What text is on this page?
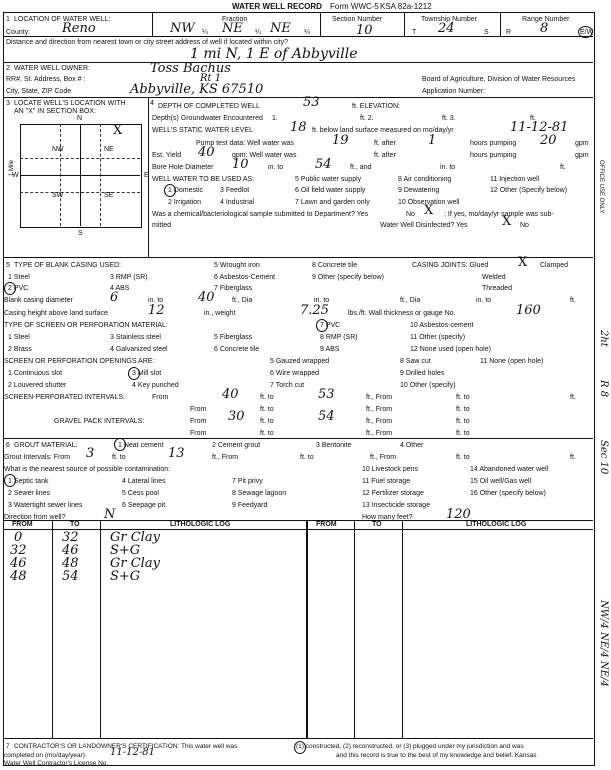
WATER WELL RECORD Form WWC-5 KSA 82a-1212
1 LOCATION OF WATER WELL:	Fraction	Section Number	Township Number	Range Number
County: Reno	NW ¼ NE ¼ NE ¼	10	T 24	S R 8	E/W
Distance and direction from nearest town or city street address of well if located within city?
1 mi N, 1 E of Abbyville
2 WATER WELL OWNER:	Toss Bachus
RR#, St. Address, Box # :	Rt 1	Board of Agriculture, Division of Water Resources
City, State, ZIP Code	Abbyville, KS 67510	Application Number:
3 LOCATE WELL'S LOCATION WITH
AN "X" IN SECTION BOX:
N
S
W	E
NW	NE
SW	SE
X
1 Mile
4 DEPTH OF COMPLETED WELL	53	ft. ELEVATION:
Depth(s) Groundwater Encountered 1.	ft. 2.	ft. 3.	ft.
WELL'S STATIC WATER LEVEL	18 ft. below land surface measured on mo/day/yr	11-12-81
Pump test data: Well water was	19	ft. after 1	hours pumping 20	gpm
Est. Yield 40 gpm: Well water was	ft. after	hours pumping	gpm
Bore Hole Diameter 10	in. to 54	ft., and	in. to	ft.
WELL WATER TO BE USED AS:
1 Domestic
2 Irrigation
3 Feedlot
4 Industrial
5 Public water supply
6 Oil field water supply
7 Lawn and garden only
8 Air conditioning
9 Dewatering
10 Observation well
11 Injection well
12 Other (Specify below)
Was a chemical/bacteriological sample submitted to Department? Yes	No X ; If yes, mo/day/yr sample was sub-
mitted	Water Well Disinfected? Yes	No
X
5 TYPE OF BLANK CASING USED:
1 Steel
2 PVC
3 RMP (SR)
4 ABS
5 Wrought iron
6 Asbestos-Cement
7 Fiberglass
8 Concrete tile
9 Other (specify below)
CASING JOINTS: Glued X Clamped
Welded
Threaded
Blank casing diameter	6	in. to	40 ft., Dia	in. to	ft., Dia	in. to	ft.
Casing height above land surface	12	in., weight	7.25	lbs./ft. Wall thickness or gauge No.	160
TYPE OF SCREEN OR PERFORATION MATERIAL:
1 Steel
2 Brass
3 Stainless steel
4 Galvanized steel
5 Fiberglass
6 Concrete tile
7 PVC
8 RMP (SR)
9 ABS
10 Asbestos-cement
11 Other (specify)
12 None used (open hole)
SCREEN OR PERFORATION OPENINGS ARE:
1 Continuous slot
2 Louvered shutter
3 Mill slot
4 Key punched
5 Gauzed wrapped
6 Wire wrapped
7 Torch cut
8 Saw cut
9 Drilled holes
10 Other (specify)
11 None (open hole)
SCREEN-PERFORATED INTERVALS:	From	40	ft. to	53	ft., From	ft. to	ft.
From	ft. to	ft., From	ft. to
GRAVEL PACK INTERVALS:	From 30 ft. to	54	ft., From	ft. to
From	ft. to	ft., From	ft. to
6 GROUT MATERIAL:	1 Neat cement	2 Cement grout	3 Bentonite	4 Other
Grout Intervals: From 3	ft. to	13	ft., From	ft. to	ft., From	ft. to	ft.
What is the nearest source of possible contamination:
1 Septic tank
2 Sewer lines
3 Watertight sewer lines
4 Lateral lines
5 Cess pool
6 Seepage pit
7 Pit privy
8 Sewage lagoon
9 Feedyard
10 Livestock pens
11 Fuel storage
12 Fertilizer storage
13 Insecticide storage
14 Abandoned water well
15 Oil well/Gas well
16 Other (specify below)
Direction from well?	N	How many feet?	120
FROM	TO	LITHOLOGIC LOG	FROM	TO	LITHOLOGIC LOG
0	32 Gr Clay
32	46 S+G
46	48 Gr Clay
48	54 S+G
7 CONTRACTOR'S OR LANDOWNER'S CERTIFICATION: This water well was	(1) constructed, (2) reconstructed, or (3) plugged under my jurisdiction and was
completed on (mo/day/year)	11-12-81	and this record is true to the best of my knowledge and belief. Kansas
Water Well Contractor's License No.
OFFICE USE ONLY
2ht
R 8
Sec 10
NW/4 NE/4 NE/4
